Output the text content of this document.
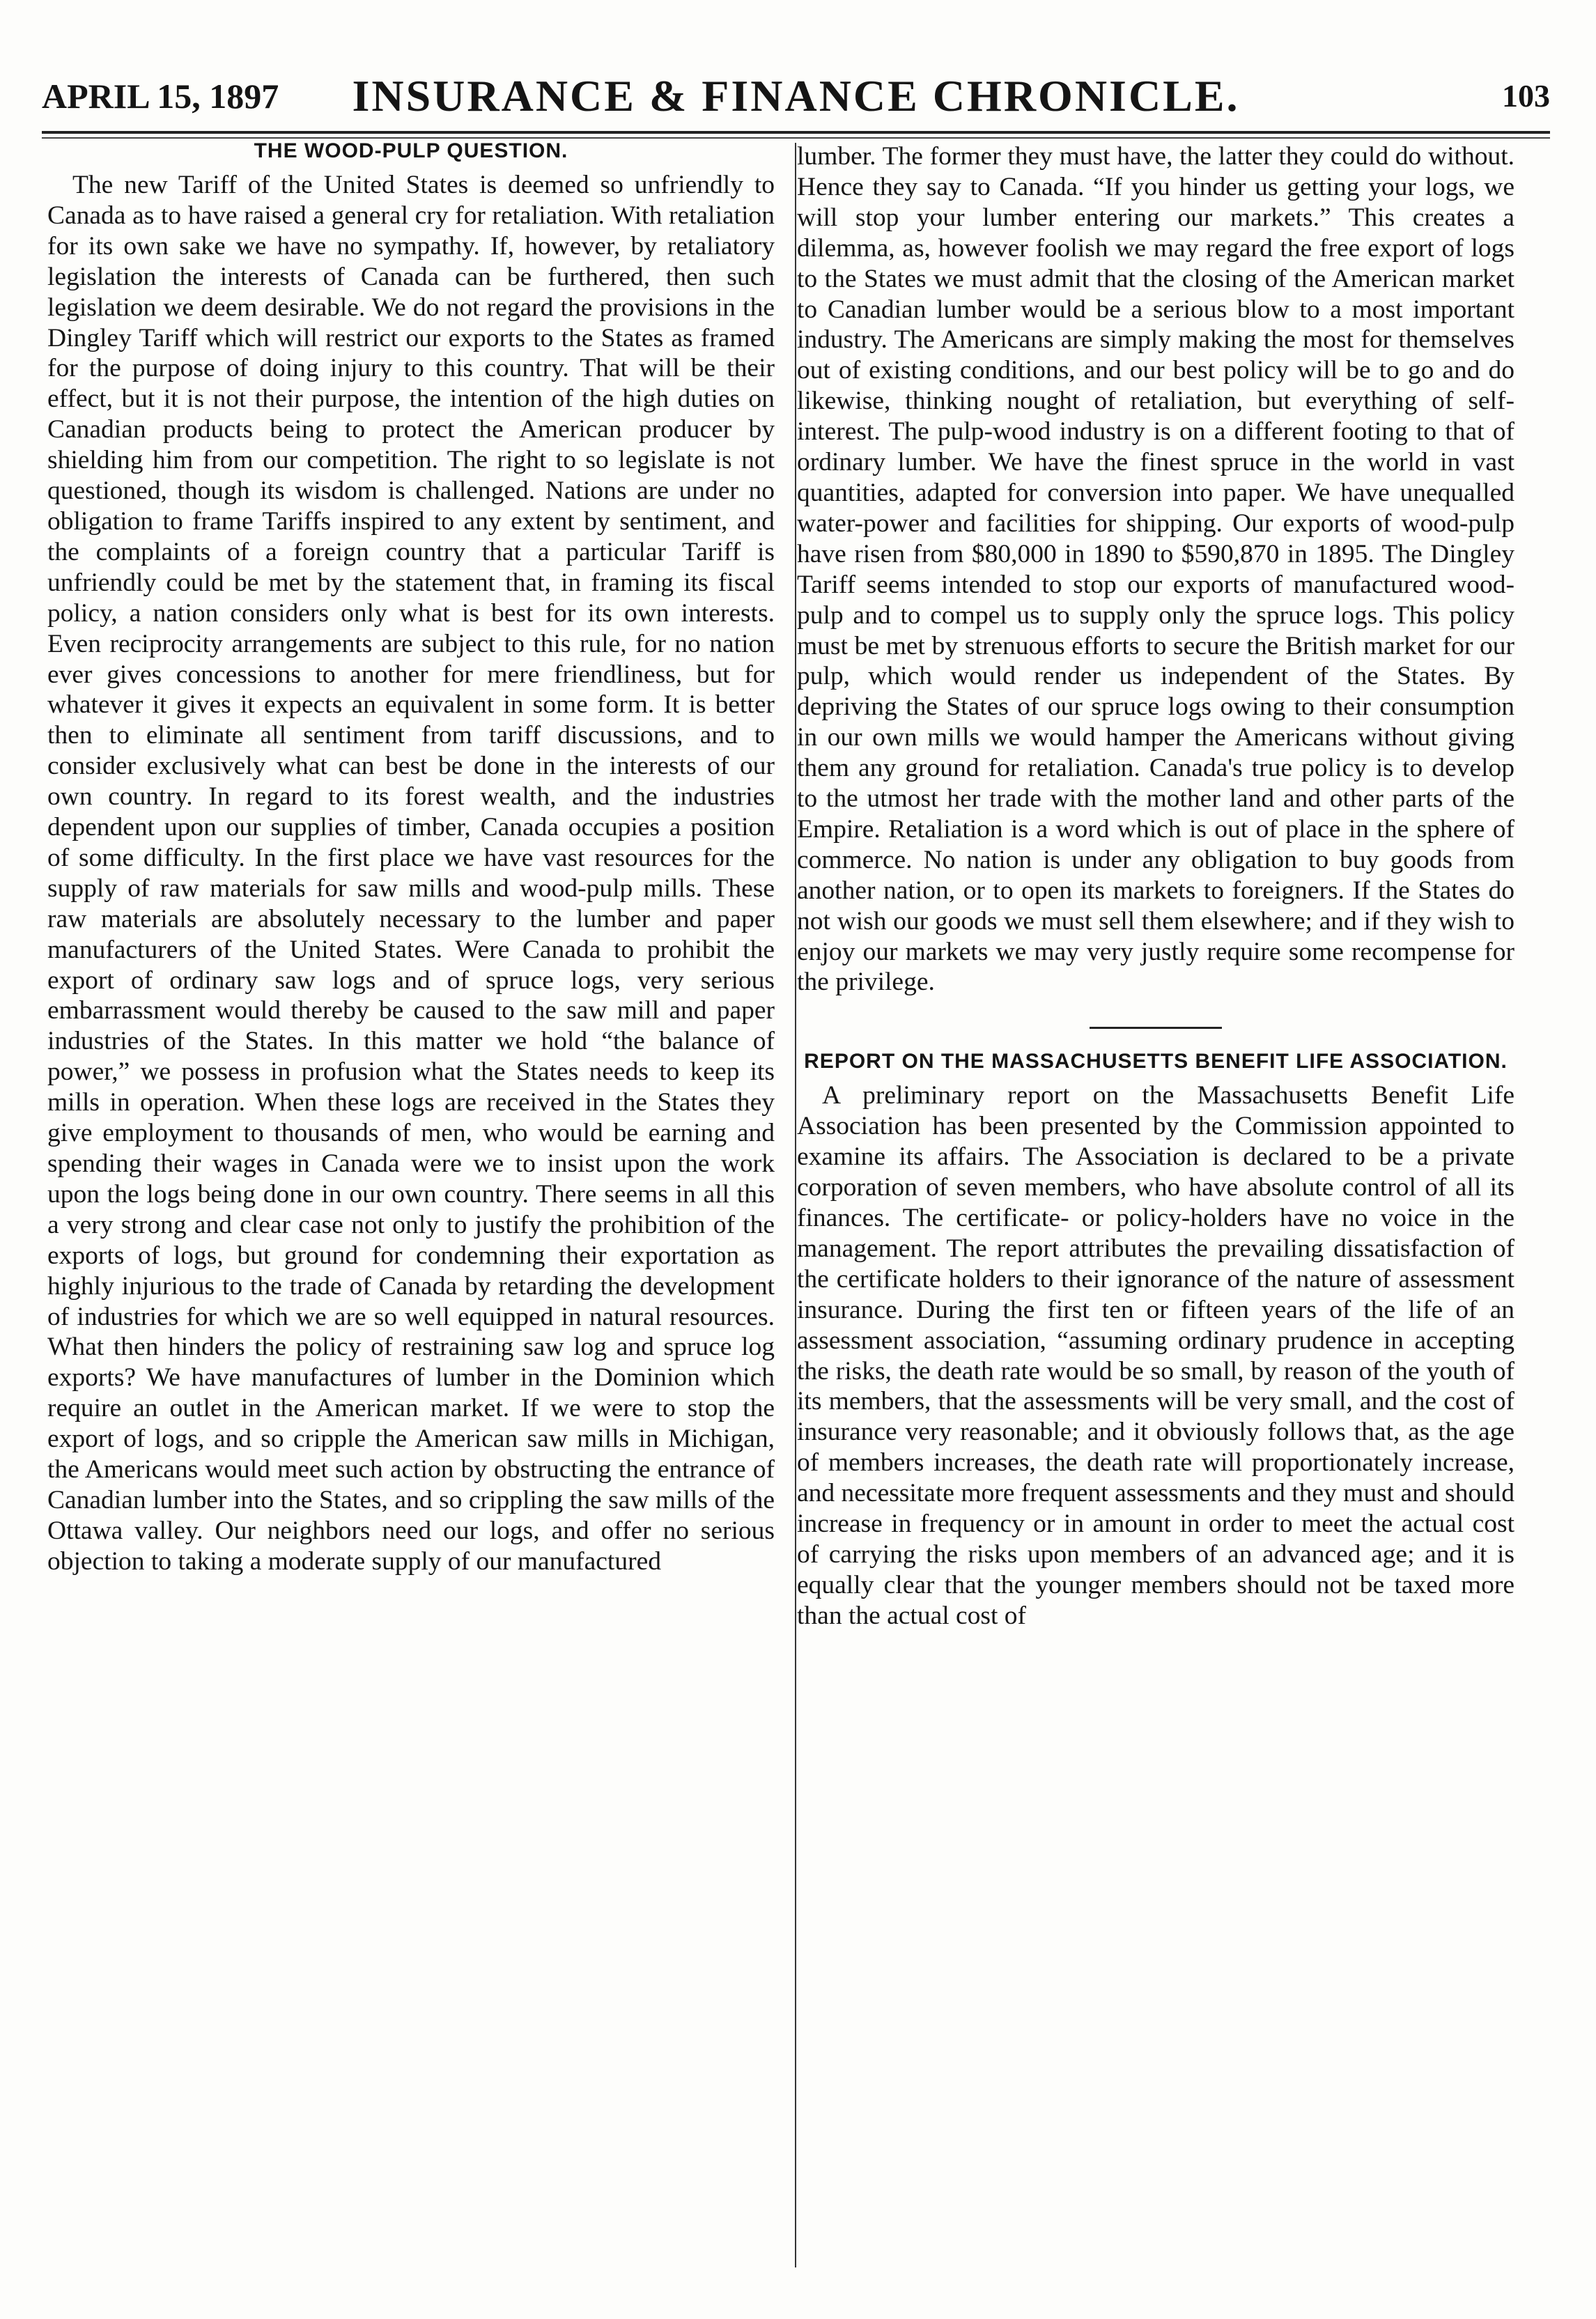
APRIL 15, 1897	INSURANCE & FINANCE CHRONICLE.	103
THE WOOD-PULP QUESTION.

The new Tariff of the United States is deemed so unfriendly to Canada as to have raised a general cry for retaliation. With retaliation for its own sake we have no sympathy. If, however, by retaliatory legislation the interests of Canada can be furthered, then such legislation we deem desirable. We do not regard the provisions in the Dingley Tariff which will restrict our exports to the States as framed for the purpose of doing injury to this country. That will be their effect, but it is not their purpose, the intention of the high duties on Canadian products being to protect the American producer by shielding him from our competition. The right to so legislate is not questioned, though its wisdom is challenged. Nations are under no obligation to frame Tariffs inspired to any extent by sentiment, and the complaints of a foreign country that a particular Tariff is unfriendly could be met by the statement that, in framing its fiscal policy, a nation considers only what is best for its own interests. Even reciprocity arrangements are subject to this rule, for no nation ever gives concessions to another for mere friendliness, but for whatever it gives it expects an equivalent in some form. It is better then to eliminate all sentiment from tariff discussions, and to consider exclusively what can best be done in the interests of our own country. In regard to its forest wealth, and the industries dependent upon our supplies of timber, Canada occupies a position of some difficulty. In the first place we have vast resources for the supply of raw materials for saw mills and wood-pulp mills. These raw materials are absolutely necessary to the lumber and paper manufacturers of the United States. Were Canada to prohibit the export of ordinary saw logs and of spruce logs, very serious embarrassment would thereby be caused to the saw mill and paper industries of the States. In this matter we hold “the balance of power,” we possess in profusion what the States needs to keep its mills in operation. When these logs are received in the States they give employment to thousands of men, who would be earning and spending their wages in Canada were we to insist upon the work upon the logs being done in our own country. There seems in all this a very strong and clear case not only to justify the prohibition of the exports of logs, but ground for condemning their exportation as highly injurious to the trade of Canada by retarding the development of industries for which we are so well equipped in natural resources. What then hinders the policy of restraining saw log and spruce log exports? We have manufactures of lumber in the Dominion which require an outlet in the American market. If we were to stop the export of logs, and so cripple the American saw mills in Michigan, the Americans would meet such action by obstructing the entrance of Canadian lumber into the States, and so crippling the saw mills of the Ottawa valley. Our neighbors need our logs, and offer no serious objection to taking a moderate supply of our manufactured

lumber. The former they must have, the latter they could do without. Hence they say to Canada. “If you hinder us getting your logs, we will stop your lumber entering our markets.” This creates a dilemma, as, however foolish we may regard the free export of logs to the States we must admit that the closing of the American market to Canadian lumber would be a serious blow to a most important industry. The Americans are simply making the most for themselves out of existing conditions, and our best policy will be to go and do likewise, thinking nought of retaliation, but everything of self-interest. The pulp-wood industry is on a different footing to that of ordinary lumber. We have the finest spruce in the world in vast quantities, adapted for conversion into paper. We have unequalled water-power and facilities for shipping. Our exports of wood-pulp have risen from $80,000 in 1890 to $590,870 in 1895. The Dingley Tariff seems intended to stop our exports of manufactured wood-pulp and to compel us to supply only the spruce logs. This policy must be met by strenuous efforts to secure the British market for our pulp, which would render us independent of the States. By depriving the States of our spruce logs owing to their consumption in our own mills we would hamper the Americans without giving them any ground for retaliation. Canada's true policy is to develop to the utmost her trade with the mother land and other parts of the Empire. Retaliation is a word which is out of place in the sphere of commerce. No nation is under any obligation to buy goods from another nation, or to open its markets to foreigners. If the States do not wish our goods we must sell them elsewhere; and if they wish to enjoy our markets we may very justly require some recompense for the privilege.

REPORT ON THE MASSACHUSETTS BENEFIT LIFE ASSOCIATION.

A preliminary report on the Massachusetts Benefit Life Association has been presented by the Commission appointed to examine its affairs. The Association is declared to be a private corporation of seven members, who have absolute control of all its finances. The certificate- or policy-holders have no voice in the management. The report attributes the prevailing dissatisfaction of the certificate holders to their ignorance of the nature of assessment insurance. During the first ten or fifteen years of the life of an assessment association, “assuming ordinary prudence in accepting the risks, the death rate would be so small, by reason of the youth of its members, that the assessments will be very small, and the cost of insurance very reasonable; and it obviously follows that, as the age of members increases, the death rate will proportionately increase, and necessitate more frequent assessments and they must and should increase in frequency or in amount in order to meet the actual cost of carrying the risks upon members of an advanced age; and it is equally clear that the younger members should not be taxed more than the actual cost of
